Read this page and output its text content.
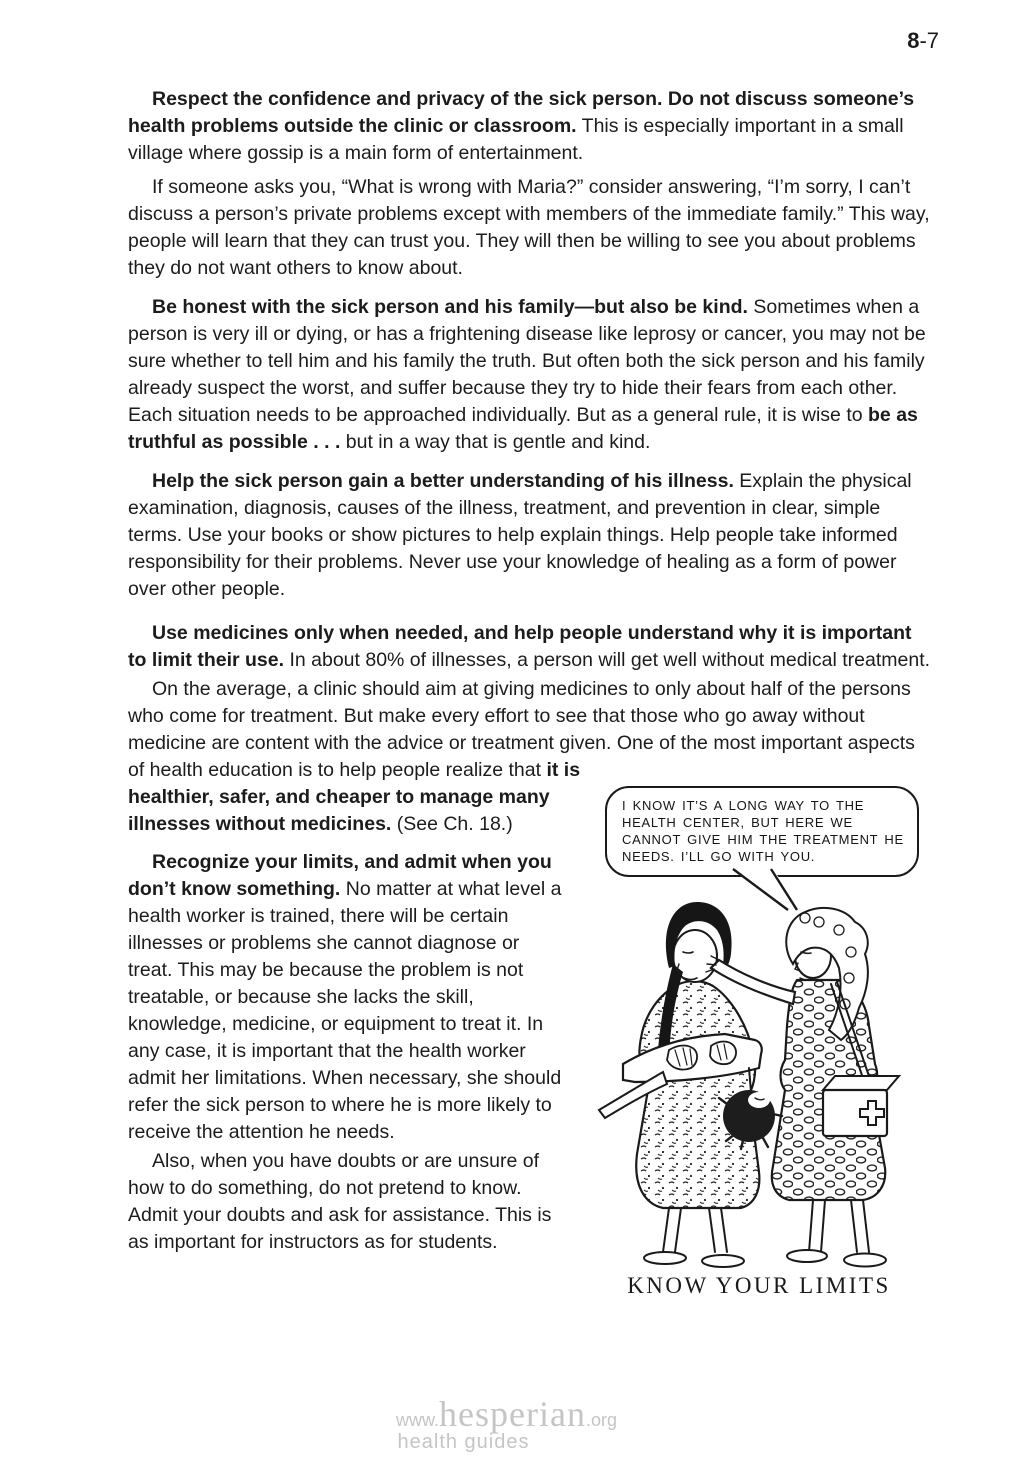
8-7

Respect the confidence and privacy of the sick person. Do not discuss someone’s health problems outside the clinic or classroom. This is especially important in a small village where gossip is a main form of entertainment.

If someone asks you, “What is wrong with Maria?” consider answering, “I’m sorry, I can’t discuss a person’s private problems except with members of the immediate family.” This way, people will learn that they can trust you. They will then be willing to see you about problems they do not want others to know about.

Be honest with the sick person and his family—but also be kind. Sometimes when a person is very ill or dying, or has a frightening disease like leprosy or cancer, you may not be sure whether to tell him and his family the truth. But often both the sick person and his family already suspect the worst, and suffer because they try to hide their fears from each other. Each situation needs to be approached individually. But as a general rule, it is wise to be as truthful as possible . . . but in a way that is gentle and kind.

Help the sick person gain a better understanding of his illness. Explain the physical examination, diagnosis, causes of the illness, treatment, and prevention in clear, simple terms. Use your books or show pictures to help explain things. Help people take informed responsibility for their problems. Never use your knowledge of healing as a form of power over other people.

Use medicines only when needed, and help people understand why it is important to limit their use. In about 80% of illnesses, a person will get well without medical treatment.

On the average, a clinic should aim at giving medicines to only about half of the persons who come for treatment. But make every effort to see that those who go away without medicine are content with the advice or treatment given. One of the most important aspects of health education is to help people realize that it is

I KNOW IT’S A LONG WAY TO THE HEALTH CENTER, BUT HERE WE CANNOT GIVE HIM THE TREATMENT HE NEEDS. I’LL GO WITH YOU.
KNOW YOUR LIMITS
healthier, safer, and cheaper to manage many illnesses without medicines. (See Ch. 18.)

Recognize your limits, and admit when you don’t know something. No matter at what level a health worker is trained, there will be certain illnesses or problems she cannot diagnose or treat. This may be because the problem is not treatable, or because she lacks the skill, knowledge, medicine, or equipment to treat it. In any case, it is important that the health worker admit her limitations. When necessary, she should refer the sick person to where he is more likely to receive the attention he needs.

Also, when you have doubts or are unsure of how to do something, do not pretend to know. Admit your doubts and ask for assistance. This is as important for instructors as for students.

www.hesperian.org
health guides
